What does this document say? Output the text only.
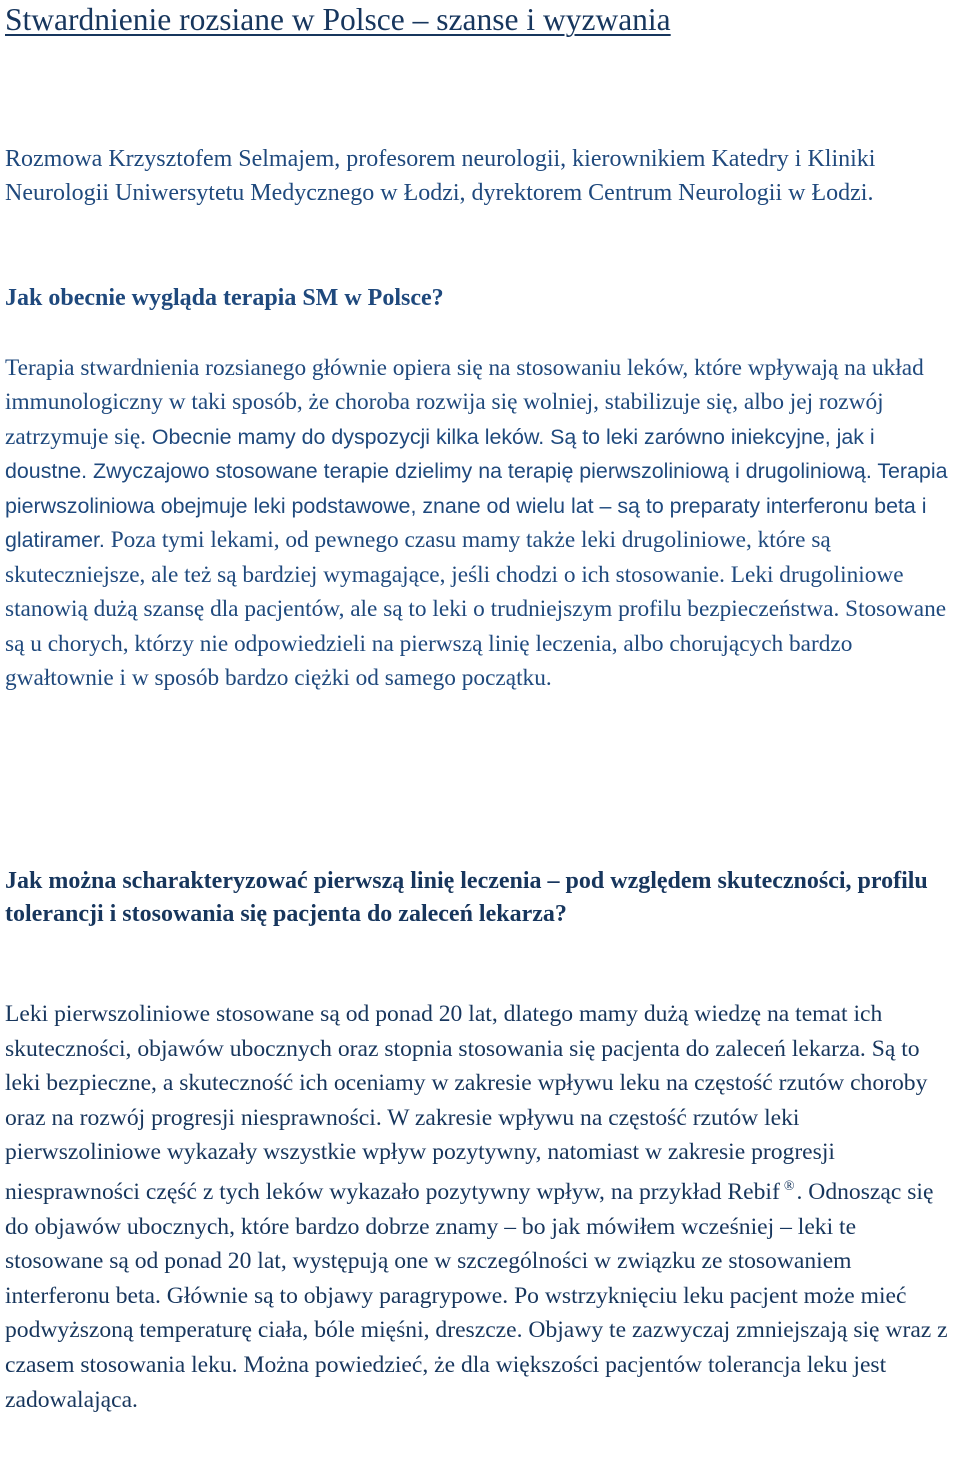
Stwardnienie rozsiane w Polsce – szanse i wyzwania

Rozmowa Krzysztofem Selmajem, profesorem neurologii, kierownikiem Katedry i Kliniki Neurologii Uniwersytetu Medycznego w Łodzi, dyrektorem Centrum Neurologii w Łodzi.

Jak obecnie wygląda terapia SM w Polsce?

Terapia stwardnienia rozsianego głównie opiera się na stosowaniu leków, które wpływają na układ immunologiczny w taki sposób, że choroba rozwija się wolniej, stabilizuje się, albo jej rozwój zatrzymuje się. Obecnie mamy do dyspozycji kilka leków. Są to leki zarówno iniekcyjne, jak i doustne. Zwyczajowo stosowane terapie dzielimy na terapię pierwszoliniową i drugoliniową. Terapia pierwszoliniowa obejmuje leki podstawowe, znane od wielu lat – są to preparaty interferonu beta i glatiramer. Poza tymi lekami, od pewnego czasu mamy także leki drugoliniowe, które są skuteczniejsze, ale też są bardziej wymagające, jeśli chodzi o ich stosowanie. Leki drugoliniowe stanowią dużą szansę dla pacjentów, ale są to leki o trudniejszym profilu bezpieczeństwa. Stosowane są u chorych, którzy nie odpowiedzieli na pierwszą linię leczenia, albo chorujących bardzo gwałtownie i w sposób bardzo ciężki od samego początku.

Jak można scharakteryzować pierwszą linię leczenia – pod względem skuteczności, profilu tolerancji i stosowania się pacjenta do zaleceń lekarza?

Leki pierwszoliniowe stosowane są od ponad 20 lat, dlatego mamy dużą wiedzę na temat ich skuteczności, objawów ubocznych oraz stopnia stosowania się pacjenta do zaleceń lekarza. Są to leki bezpieczne, a skuteczność ich oceniamy w zakresie wpływu leku na częstość rzutów choroby oraz na rozwój progresji niesprawności. W zakresie wpływu na częstość rzutów leki pierwszoliniowe wykazały wszystkie wpływ pozytywny, natomiast w zakresie progresji niesprawności część z tych leków wykazało pozytywny wpływ, na przykład Rebif ®. Odnosząc się do objawów ubocznych, które bardzo dobrze znamy – bo jak mówiłem wcześniej – leki te stosowane są od ponad 20 lat, występują one w szczególności w związku ze stosowaniem interferonu beta. Głównie są to objawy paragrypowe. Po wstrzyknięciu leku pacjent może mieć podwyższoną temperaturę ciała, bóle mięśni, dreszcze. Objawy te zazwyczaj zmniejszają się wraz z czasem stosowania leku. Można powiedzieć, że dla większości pacjentów tolerancja leku jest zadowalająca.
